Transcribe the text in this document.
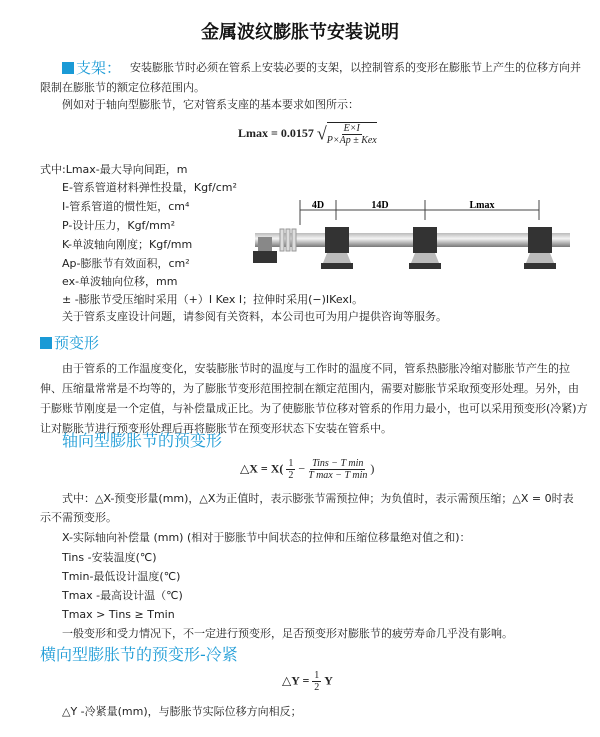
金属波纹膨胀节安装说明
支架： 安装膨胀节时必须在管系上安装必要的支架，以控制管系的变形在膨胀节上产生的位移方向并
限制在膨胀节的额定位移范围内。
例如对于轴向型膨胀节，它对管系支座的基本要求如图所示：
Lmax = 0.0157 √ $\frac{E\times I}{\text{P×Ap ± Kex}}$
式中:Lmax-最大导向间距，m
E-管系管道材料弹性投量，Kgf/cm²
I-管系管道的惯性矩，cm⁴
P-设计压力，Kgf/mm²
K-单波轴向刚度；Kgf/mm
Ap-膨胀节有效面积，cm²
ex-单波轴向位移，mm
± -膨胀节受压缩时采用（+）I Kex I；拉伸时采用(−)IKexI。
关于管系支座设计问题，请参阅有关资料，本公司也可为用户提供咨询等服务。
4D	14D	Lmax
预变形
由于管系的工作温度变化，安装膨胀节时的温度与工作时的温度不同，管系热膨胀冷缩对膨胀节产生的拉
伸、压缩量常常是不均等的，为了膨胀节变形范围控制在额定范围内，需要对膨胀节采取预变形处理。另外，由
于膨账节刚度是一个定值，与补偿量成正比。为了使膨胀节位移对管系的作用力最小，也可以采用预变形(冷紧)方
让对膨胀节进行预变形处理后再将膨胀节在预变形状态下安装在管系中。
轴向型膨胀节的预变形
△X = $X( \frac{1}{2} - \frac{\text{Tins − T min}}{\text{T max − T min}}$ )
式中：△X-预变形量(mm)，△X为正值时，表示膨张节需预拉伸；为负值时，表示需预压缩；△X = 0时表
示不需预变形。
X-实际轴向补偿量 (mm) (相对于膨胀节中间状态的拉伸和压缩位移量绝对值之和)：
Tins -安装温度(℃)
Tmin-最低设计温度(℃)
Tmax -最高设计温（℃)
Tmax > Tins ≥ Tmin
一般变形和受力情况下，不一定进行预变形，足否预变形对膨胀节的疲劳寿命几乎没有影响。
横向型膨胀节的预变形-冷紧
△Y = $\frac{1}{2}$ Y
△Y -冷紧量(mm)，与膨胀节实际位移方向相反；
